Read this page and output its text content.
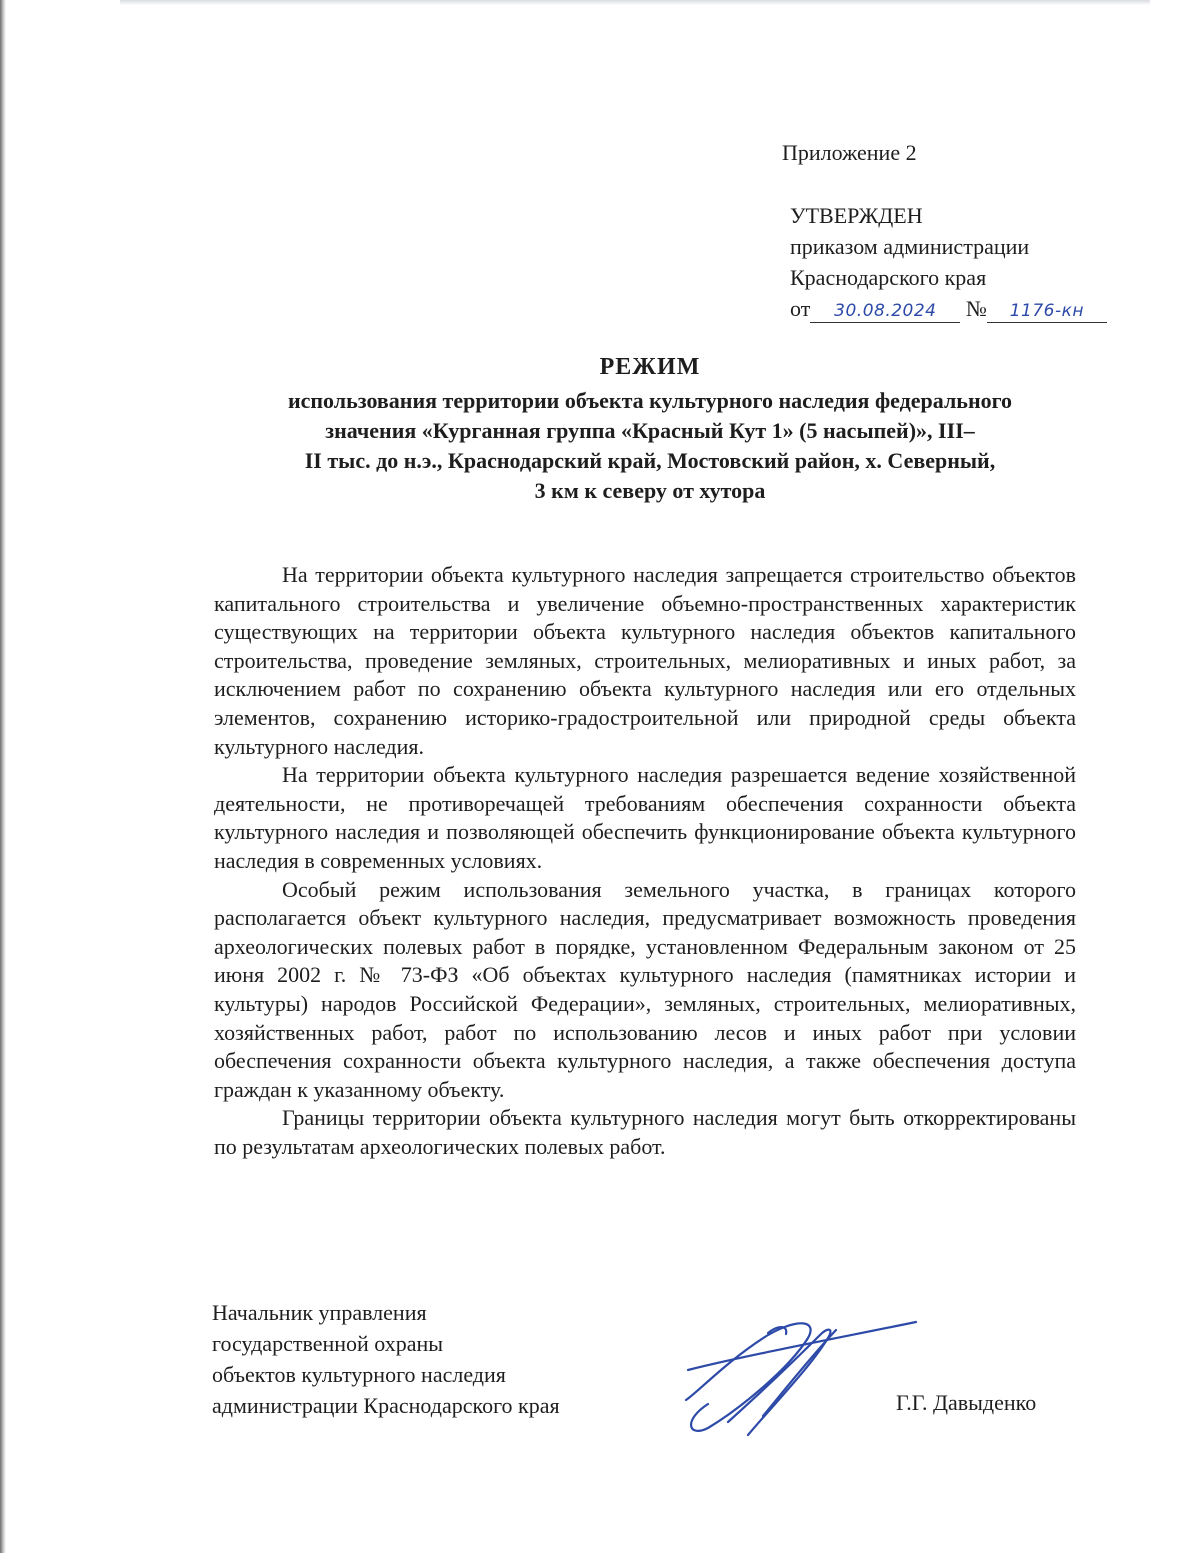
Приложение 2
УТВЕРЖДЕН
приказом администрации
Краснодарского края
от 30.08.2024 № 1176-кн
РЕЖИМ
использования территории объекта культурного наследия федерального
значения «Курганная группа «Красный Кут 1» (5 насыпей)», III–
II тыс. до н.э., Краснодарский край, Мостовский район, х. Северный,
3 км к северу от хутора

На территории объекта культурного наследия запрещается строительство объектов капитального строительства и увеличение объемно-пространственных характеристик существующих на территории объекта культурного наследия объектов капитального строительства, проведение земляных, строительных, мелиоративных и иных работ, за исключением работ по сохранению объекта культурного наследия или его отдельных элементов, сохранению историко-градостроительной или природной среды объекта культурного наследия.

На территории объекта культурного наследия разрешается ведение хозяйственной деятельности, не противоречащей требованиям обеспечения сохранности объекта культурного наследия и позволяющей обеспечить функционирование объекта культурного наследия в современных условиях.

Особый режим использования земельного участка, в границах которого располагается объект культурного наследия, предусматривает возможность проведения археологических полевых работ в порядке, установленном Федеральным законом от 25 июня 2002 г. № 73-ФЗ «Об объектах культурного наследия (памятниках истории и культуры) народов Российской Федерации», земляных, строительных, мелиоративных, хозяйственных работ, работ по использованию лесов и иных работ при условии обеспечения сохранности объекта культурного наследия, а также обеспечения доступа граждан к указанному объекту.

Границы территории объекта культурного наследия могут быть откорректированы по результатам археологических полевых работ.

Начальник управления
государственной охраны
объектов культурного наследия
администрации Краснодарского края	Г.Г. Давыденко
